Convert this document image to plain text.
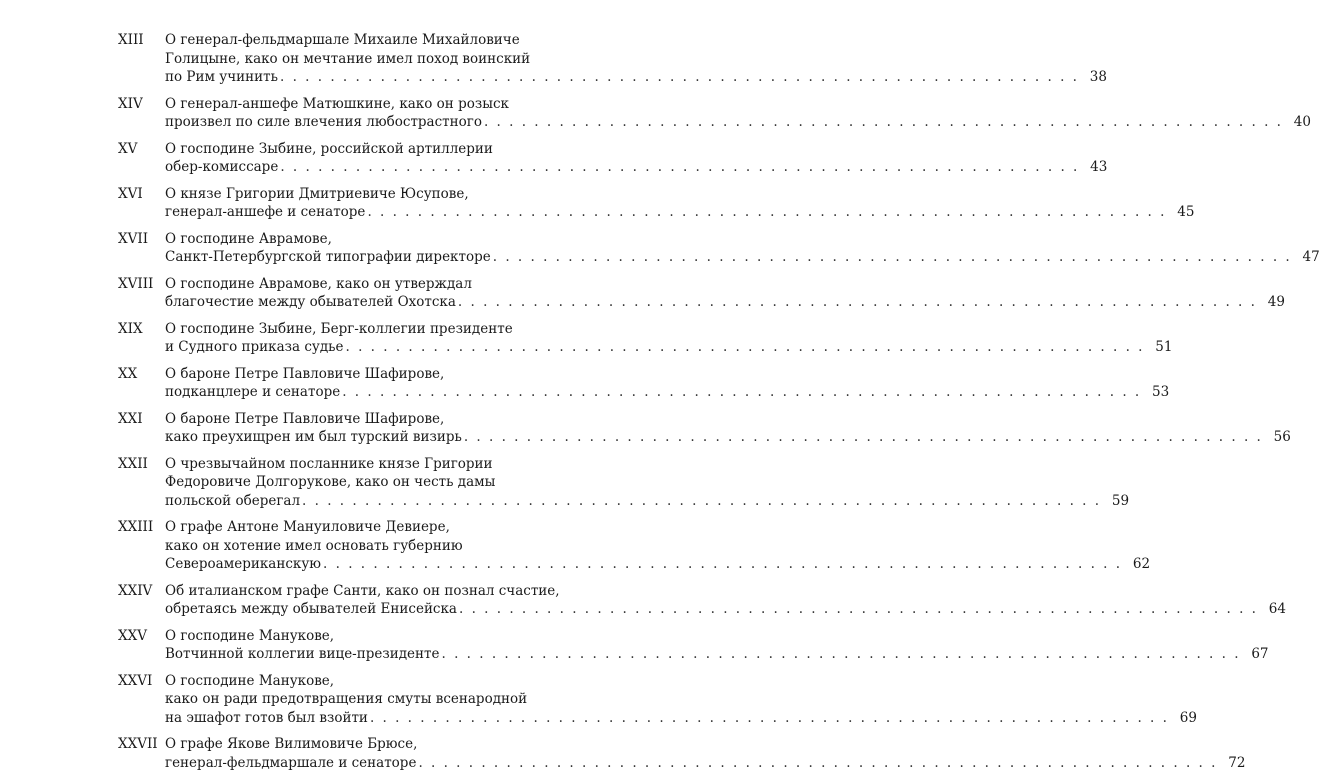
XIII	О генерал-фельдмаршале Михаиле Михайловиче
Голицыне, како он мечтание имел поход воинский
по Рим учинить . . .	38
XIV	О генерал-аншефе Матюшкине, како он розыск
произвел по силе влечения любострастного . . .	40
XV	О господине Зыбине, российской артиллерии
обер-комиссаре . . .	43
XVI	О князе Григории Дмитриевиче Юсупове,
генерал-аншефе и сенаторе . . .	45
XVII	О господине Аврамове,
Санкт-Петербургской типографии директоре . . .	47
XVIII О господине Аврамове, како он утверждал
благочестие между обывателей Охотска . . .	49
XIX	О господине Зыбине, Берг-коллегии президенте
и Судного приказа судье . . .	51
XX	О бароне Петре Павловиче Шафирове,
подканцлере и сенаторе . . .	53
XXI	О бароне Петре Павловиче Шафирове,
како преухищрен им был турский визирь . . .	56
XXII	О чрезвычайном посланнике князе Григории
Федоровиче Долгорукове, како он честь дамы
польской оберегал . . .	59
XXIII О графе Антоне Мануиловиче Девиере,
како он хотение имел основать губернию
Североамериканскую . . .	62
XXIV Об италианском графе Санти, како он познал счастие,
обретаясь между обывателей Енисейска . . .	64
XXV	О господине Манукове,
Вотчинной коллегии вице-президенте . . .	67
XXVI О господине Манукове,
како он ради предотвращения смуты всенародной
на эшафот готов был взойти . . .	69
XXVII О графе Якове Вилимовиче Брюсе,
генерал-фельдмаршале и сенаторе . . .	72
